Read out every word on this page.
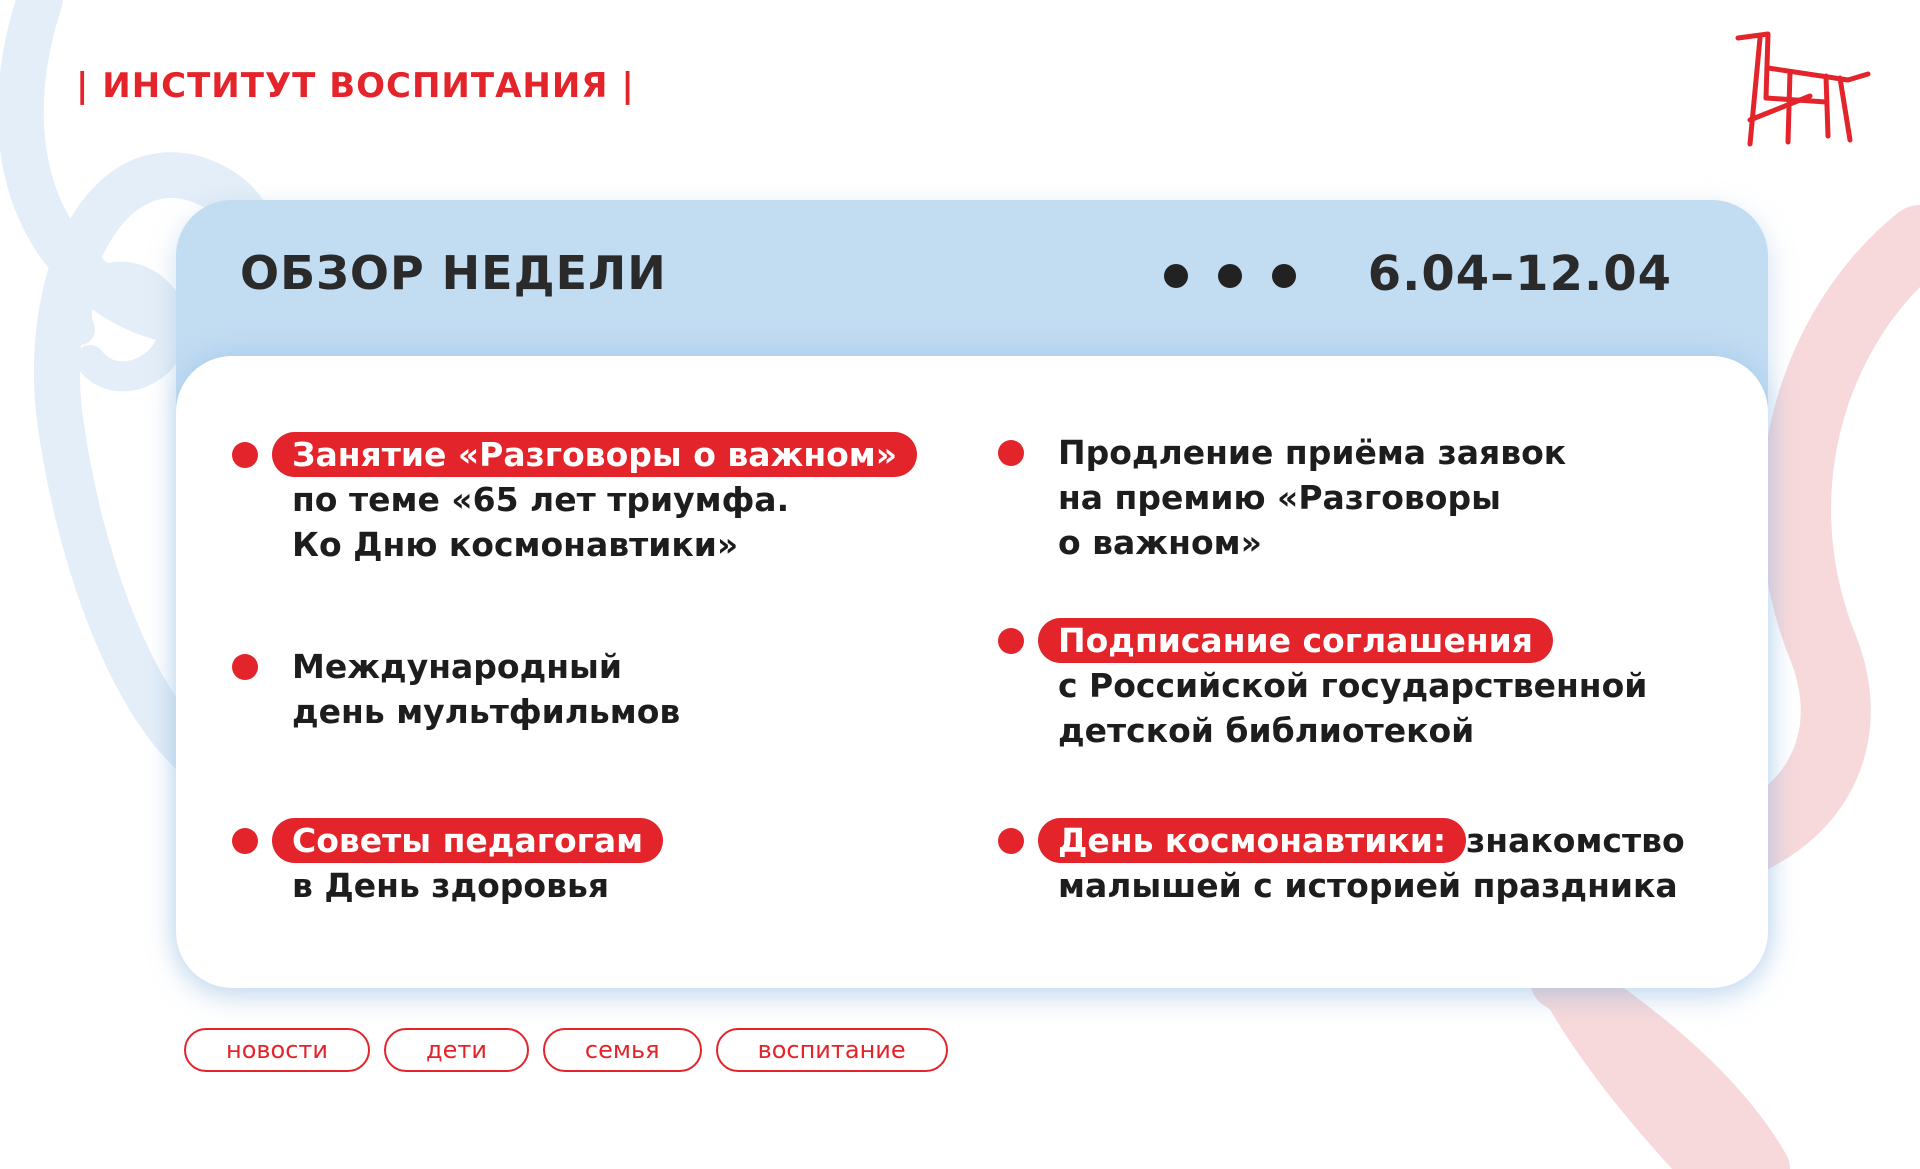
| ИНСТИТУТ ВОСПИТАНИЯ |
ОБЗОР НЕДЕЛИ	6.04–12.04
Занятие «Разговоры о важном»
по теме «65 лет триумфа.
Ко Дню космонавтики»
Международный
день мультфильмов
Советы педагогам
в День здоровья
Продление приёма заявок
на премию «Разговоры
о важном»
Подписание соглашения
с Российской государственной
детской библиотекой
День космонавтики: знакомство
малышей с историей праздника
новости	дети	семья	воспитание
